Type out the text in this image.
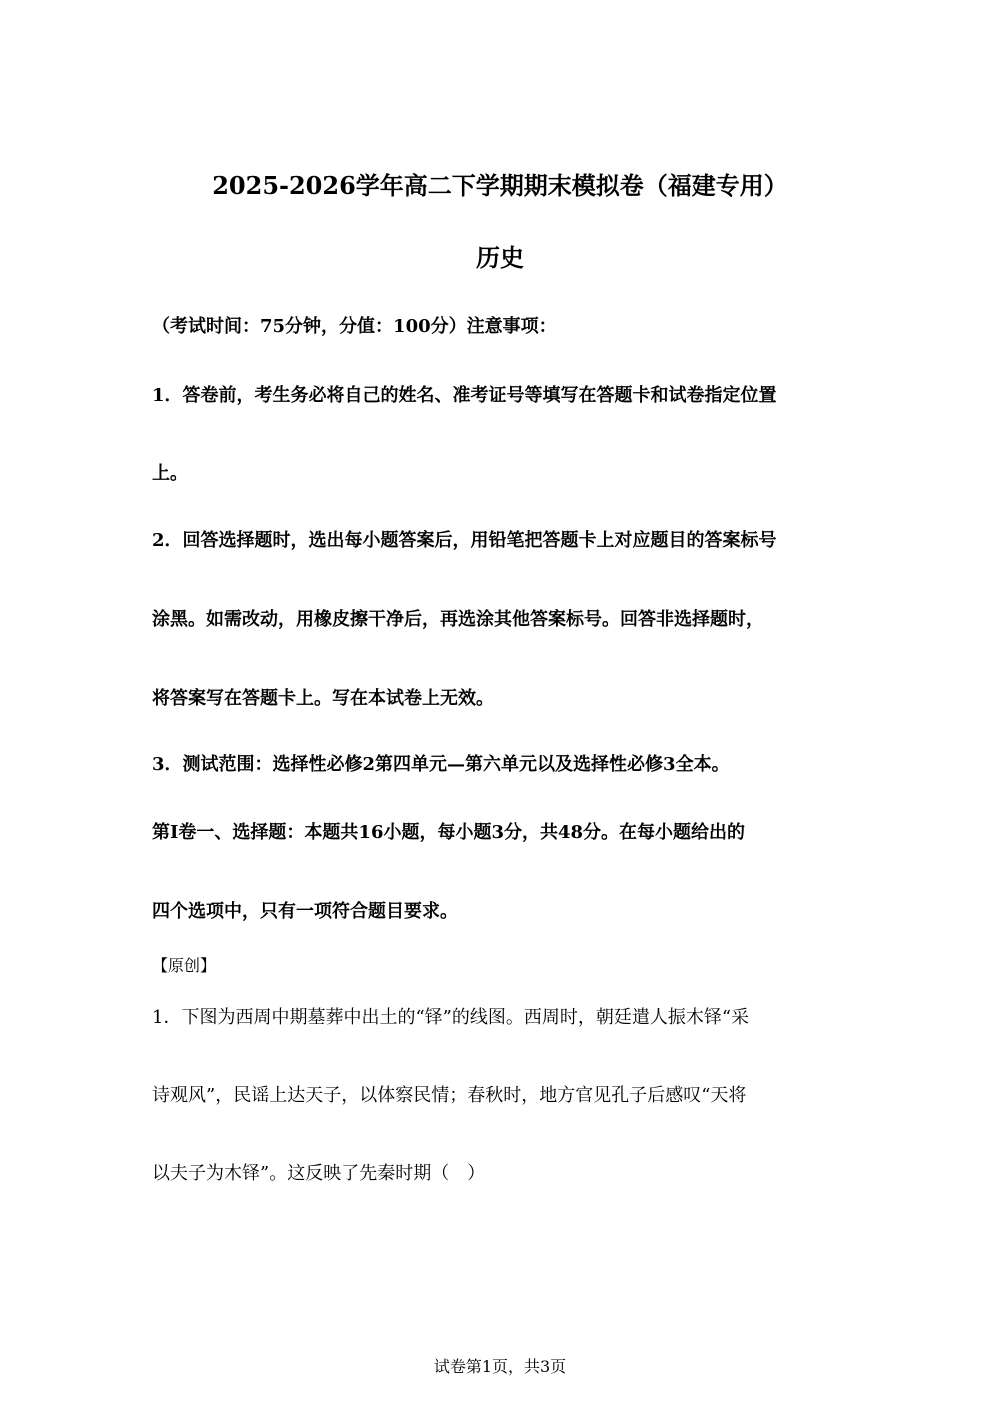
2025-2026学年高二下学期期末模拟卷（福建专用）
历史
（考试时间：75分钟，分值：100分）注意事项：
1．答卷前，考生务必将自己的姓名、准考证号等填写在答题卡和试卷指定位置
上。
2．回答选择题时，选出每小题答案后，用铅笔把答题卡上对应题目的答案标号
涂黑。如需改动，用橡皮擦干净后，再选涂其他答案标号。回答非选择题时，
将答案写在答题卡上。写在本试卷上无效。
3．测试范围：选择性必修2第四单元—第六单元以及选择性必修3全本。
第Ⅰ卷一、选择题：本题共16小题，每小题3分，共48分。在每小题给出的
四个选项中，只有一项符合题目要求。
【原创】
1．下图为西周中期墓葬中出土的“铎”的线图。西周时，朝廷遣人振木铎“采
诗观风”，民谣上达天子，以体察民情；春秋时，地方官见孔子后感叹“天将
以夫子为木铎”。这反映了先秦时期（　）
试卷第1页，共3页
